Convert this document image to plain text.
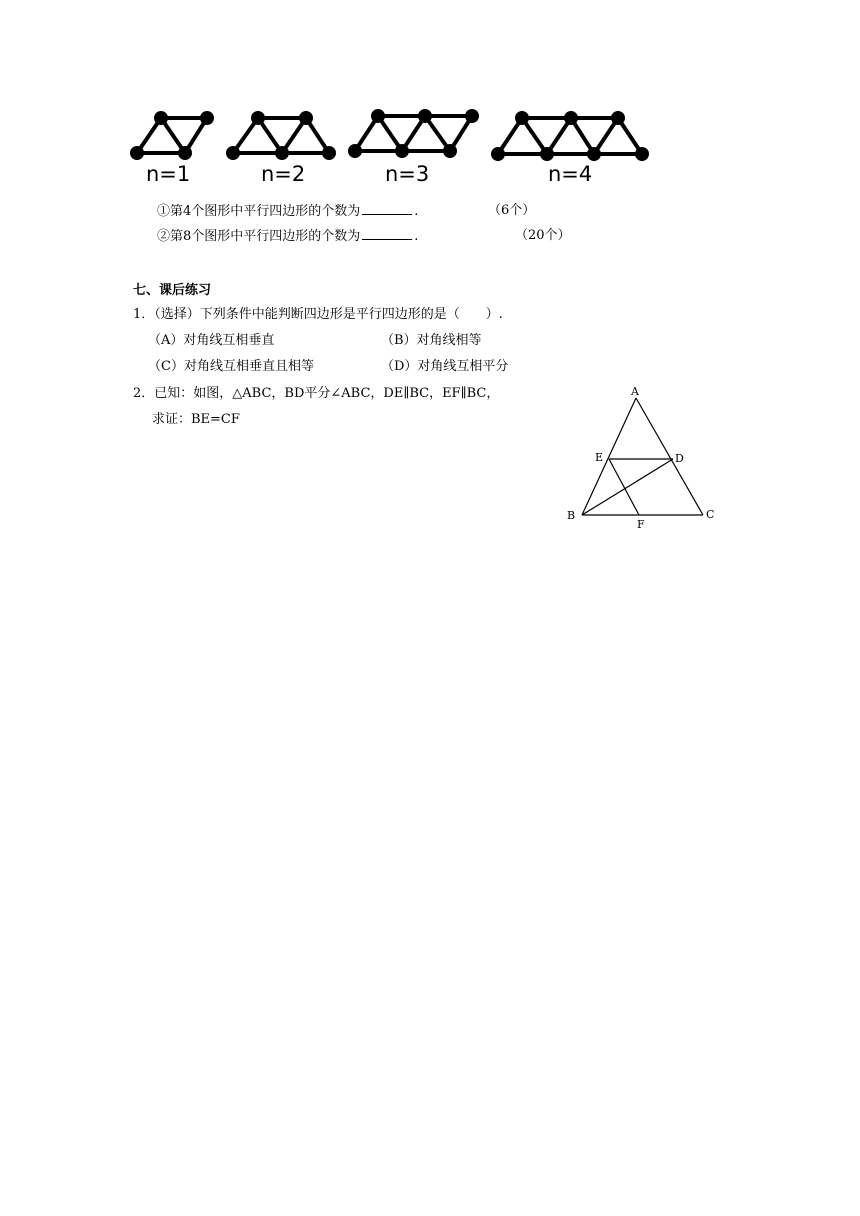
n=1	n=2	n=3	n=4
①第4个图形中平行四边形的个数为	.	（6个）
②第8个图形中平行四边形的个数为	.	（20个）
七、课后练习
1．（选择）下列条件中能判断四边形是平行四边形的是（　　）.
（A）对角线互相垂直	（B）对角线相等
（C）对角线互相垂直且相等	（D）对角线互相平分
2．已知：如图，△ABC，BD平分∠ABC，DE∥BC，EF∥BC，
求证：BE=CF
A
B	C
D
E
F
